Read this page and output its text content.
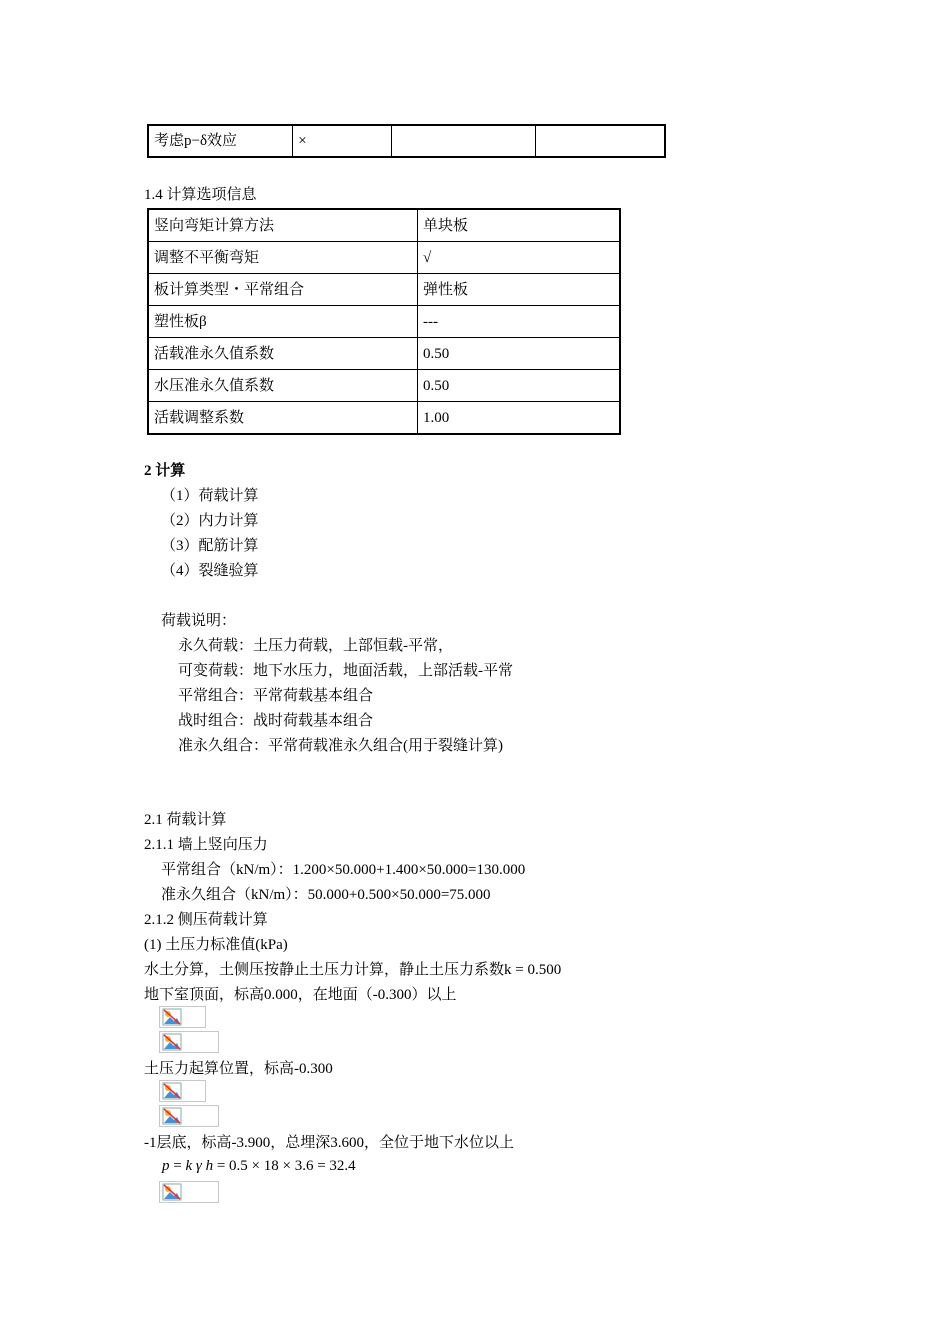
考虑p−δ效应	×		
1.4 计算选项信息
竖向弯矩计算方法	单块板
调整不平衡弯矩	√
板计算类型・平常组合	弹性板
塑性板β	---
活载准永久值系数	0.50
水压准永久值系数	0.50
活载调整系数	1.00
2 计算
（1）荷载计算
（2）内力计算
（3）配筋计算
（4）裂缝验算
荷载说明：
永久荷载：土压力荷载，上部恒载-平常，
可变荷载：地下水压力，地面活载，上部活载-平常
平常组合：平常荷载基本组合
战时组合：战时荷载基本组合
准永久组合：平常荷载准永久组合(用于裂缝计算)
2.1 荷载计算
2.1.1 墙上竖向压力
平常组合（kN/m）：1.200×50.000+1.400×50.000=130.000
准永久组合（kN/m）：50.000+0.500×50.000=75.000
2.1.2 侧压荷载计算
(1) 土压力标准值(kPa)
水土分算，土侧压按静止土压力计算，静止土压力系数k = 0.500
地下室顶面，标高0.000，在地面（-0.300）以上
土压力起算位置，标高-0.300
-1层底，标高-3.900，总埋深3.600，全位于地下水位以上
p = k γ h = 0.5 × 18 × 3.6 = 32.4
